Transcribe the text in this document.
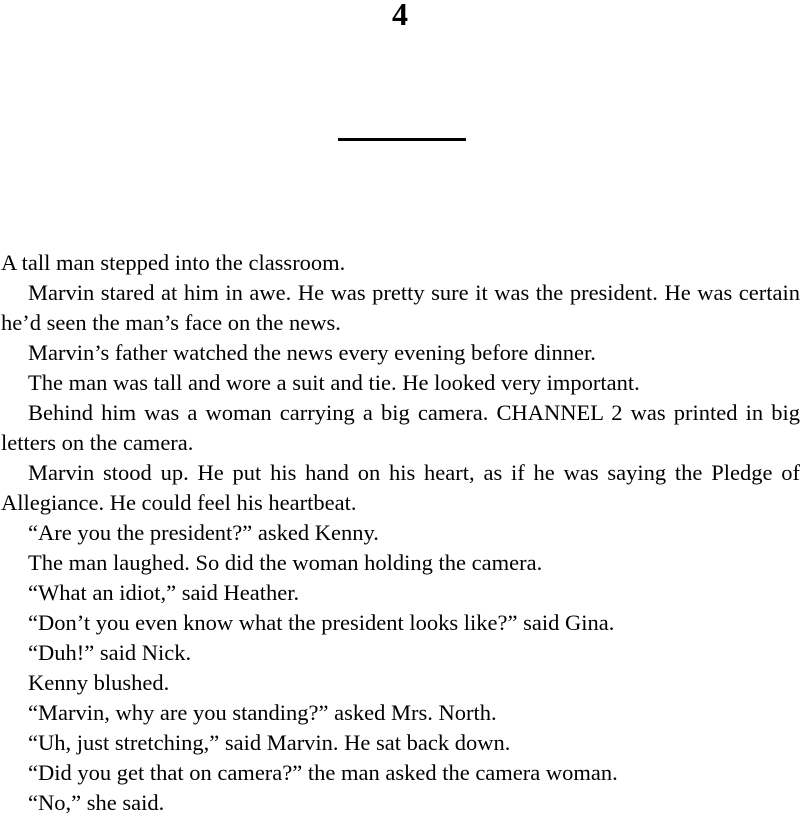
4

A tall man stepped into the classroom.

Marvin stared at him in awe. He was pretty sure it was the president. He was certain he’d seen the man’s face on the news.

Marvin’s father watched the news every evening before dinner.

The man was tall and wore a suit and tie. He looked very important.

Behind him was a woman carrying a big camera. CHANNEL 2 was printed in big letters on the camera.

Marvin stood up. He put his hand on his heart, as if he was saying the Pledge of Allegiance. He could feel his heartbeat.

“Are you the president?” asked Kenny.

The man laughed. So did the woman holding the camera.

“What an idiot,” said Heather.

“Don’t you even know what the president looks like?” said Gina.

“Duh!” said Nick.

Kenny blushed.

“Marvin, why are you standing?” asked Mrs. North.

“Uh, just stretching,” said Marvin. He sat back down.

“Did you get that on camera?” the man asked the camera woman.

“No,” she said.
